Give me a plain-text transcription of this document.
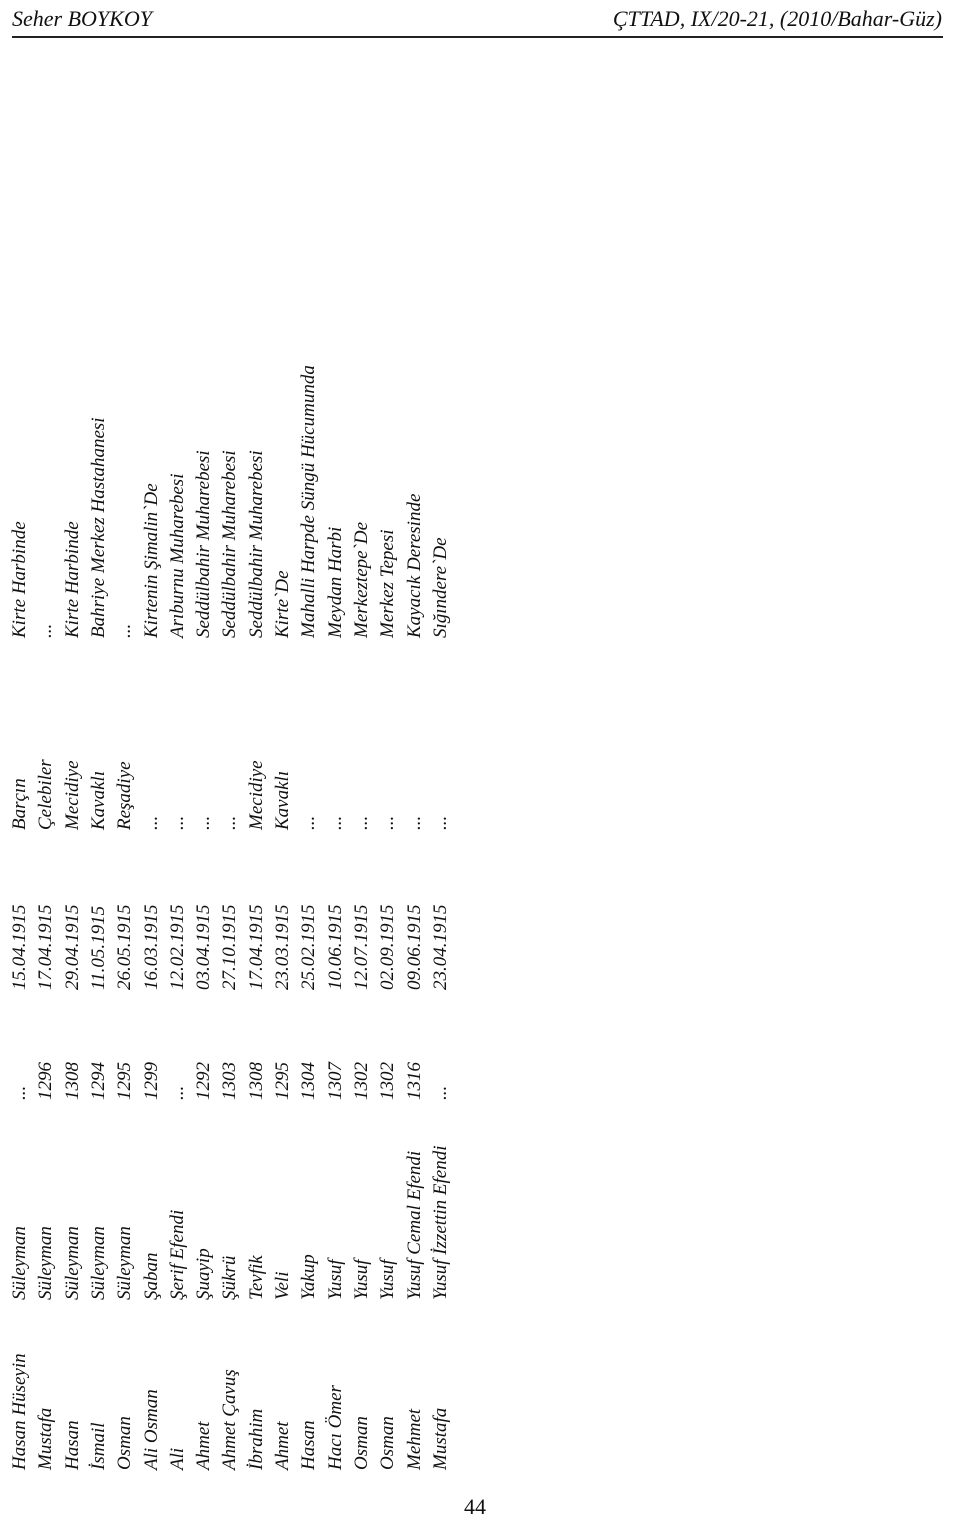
Seher BOYKOY	ÇTTAD, IX/20-21, (2010/Bahar-Güz)
Hasan Hüseyin
Süleyman
...
15.04.1915
Barçın
Kirte Harbinde
Mustafa
Süleyman
1296
17.04.1915
Çelebiler
...
Hasan
Süleyman
1308
29.04.1915
Mecidiye
Kirte Harbinde
İsmail
Süleyman
1294
11.05.1915
Kavaklı
Bahriye Merkez Hastahanesi
Osman
Süleyman
1295
26.05.1915
Reşadiye
...
Ali Osman
Şaban
1299
16.03.1915
...
Kirtenin Şimalin`De
Ali
Şerif Efendi
...
12.02.1915
...
Arıburnu Muharebesi
Ahmet
Şuayip
1292
03.04.1915
...
Seddülbahir Muharebesi
Ahmet Çavuş
Şükrü
1303
27.10.1915
...
Seddülbahir Muharebesi
İbrahim
Tevfik
1308
17.04.1915
Mecidiye
Seddülbahir Muharebesi
Ahmet
Veli
1295
23.03.1915
Kavaklı
Kirte`De
Hasan
Yakup
1304
25.02.1915
...
Mahalli Harpde Süngü Hücumunda
Hacı Ömer
Yusuf
1307
10.06.1915
...
Meydan Harbi
Osman
Yusuf
1302
12.07.1915
...
Merkeztepe`De
Osman
Yusuf
1302
02.09.1915
...
Merkez Tepesi
Mehmet
Yusuf Cemal Efendi
1316
09.06.1915
...
Kayacık Deresinde
Mustafa
Yusuf İzzettin Efendi
...
23.04.1915
...
Sığındere`De
44
